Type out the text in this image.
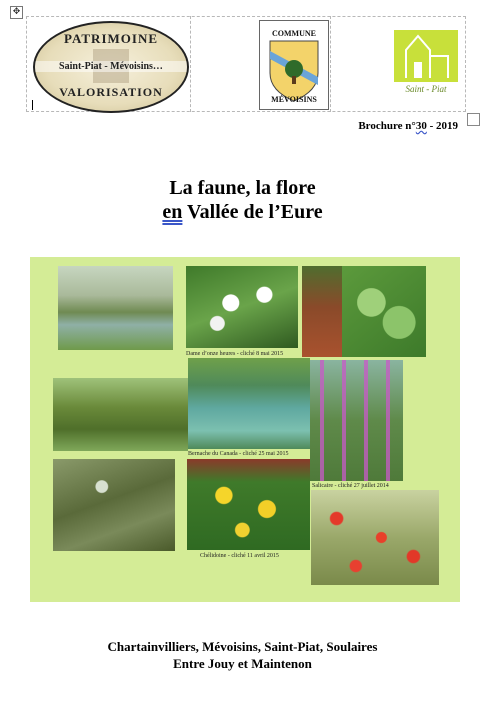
✥
PATRIMOINE
Saint-Piat - Mévoisins…
VALORISATION
COMMUNE
MÉVOISINS
Saint - Piat
Brochure n°30 - 2019
La faune, la flore
en Vallée de l’Eure
Dame d’onze heures - cliché 8 mai 2015
Bernache du Canada - cliché 25 mai 2015
Salicaire - cliché 27 juillet 2014
Chélidoine - cliché 11 avril 2015
Chartainvilliers, Mévoisins, Saint-Piat, Soulaires
Entre Jouy et Maintenon
